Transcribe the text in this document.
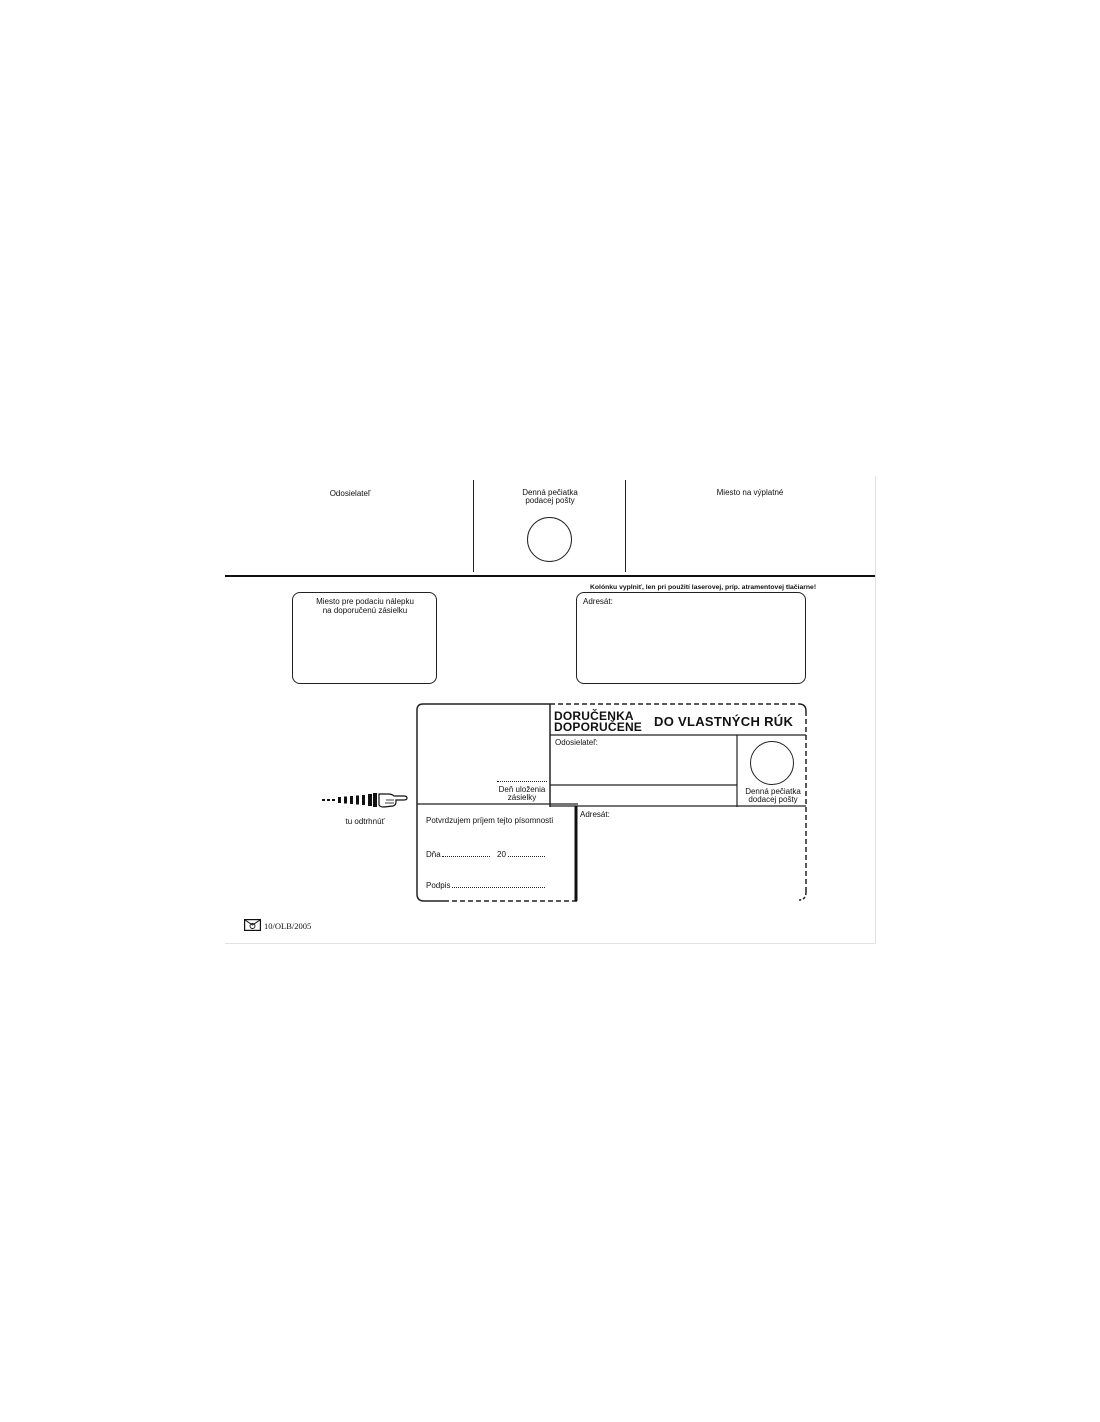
Odosielateľ	Denná pečiatka
podacej pošty
Miesto na výplatné
Miesto pre podaciu nálepku
na doporučenú zásielku
Kolónku vyplniť, len pri použití laserovej, príp. atramentovej tlačiarne!
Adresát:
DORUČENKA
DOPORUČENE DO VLASTNÝCH RÚK
Odosielateľ:
Denná pečiatka
dodacej pošty
Deň uloženia
zásielky
Potvrdzujem príjem tejto písomnosti
Dňa	20
Podpis
Adresát:
tu odtrhnúť
10/OLB/2005
